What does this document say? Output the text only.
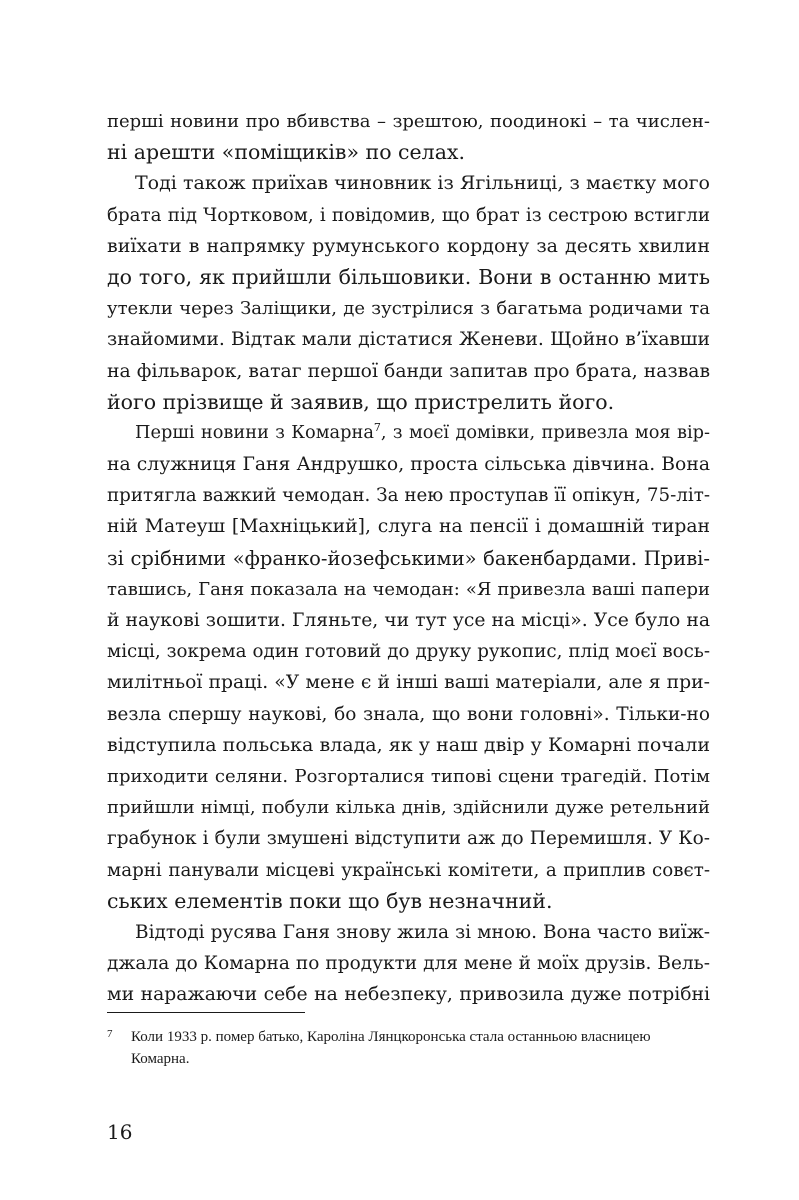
перші новини про вбивства – зрештою, поодинокі – та числен-
ні арешти «поміщиків» по селах.
Тоді також приїхав чиновник із Ягільниці, з маєтку мого
брата під Чортковом, і повідомив, що брат із сестрою встигли
виїхати в напрямку румунського кордону за десять хвилин
до того, як прийшли більшовики. Вони в останню мить
утекли через Заліщики, де зустрілися з багатьма родичами та
знайомими. Відтак мали дістатися Женеви. Щойно в’їхавши
на фільварок, ватаг першої банди запитав про брата, назвав
його прізвище й заявив, що пристрелить його.
Перші новини з Комарна$^7$, з моєї домівки, привезла моя вір-
на служниця Ганя Андрушко, проста сільська дівчина. Вона
притягла важкий чемодан. За нею проступав її опікун, 75-літ-
ній Матеуш [Махніцький], слуга на пенсії і домашній тиран
зі срібними «франко-йозефськими» бакенбардами. Приві-
тавшись, Ганя показала на чемодан: «Я привезла ваші папери
й наукові зошити. Гляньте, чи тут усе на місці». Усе було на
місці, зокрема один готовий до друку рукопис, плід моєї вось-
милітньої праці. «У мене є й інші ваші матеріали, але я при-
везла спершу наукові, бо знала, що вони головні». Тільки-но
відступила польська влада, як у наш двір у Комарні почали
приходити селяни. Розгорталися типові сцени трагедій. Потім
прийшли німці, побули кілька днів, здійснили дуже ретельний
грабунок і були змушені відступити аж до Перемишля. У Ко-
марні панували місцеві українські комітети, а приплив совєт-
ських елементів поки що був незначний.
Відтоді русява Ганя знову жила зі мною. Вона часто виїж-
джала до Комарна по продукти для мене й моїх друзів. Вель-
ми наражаючи себе на небезпеку, привозила дуже потрібні
7 Коли 1933 р. помер батько, Кароліна Лянцкоронська стала останньою власницею
Комарна.
16
